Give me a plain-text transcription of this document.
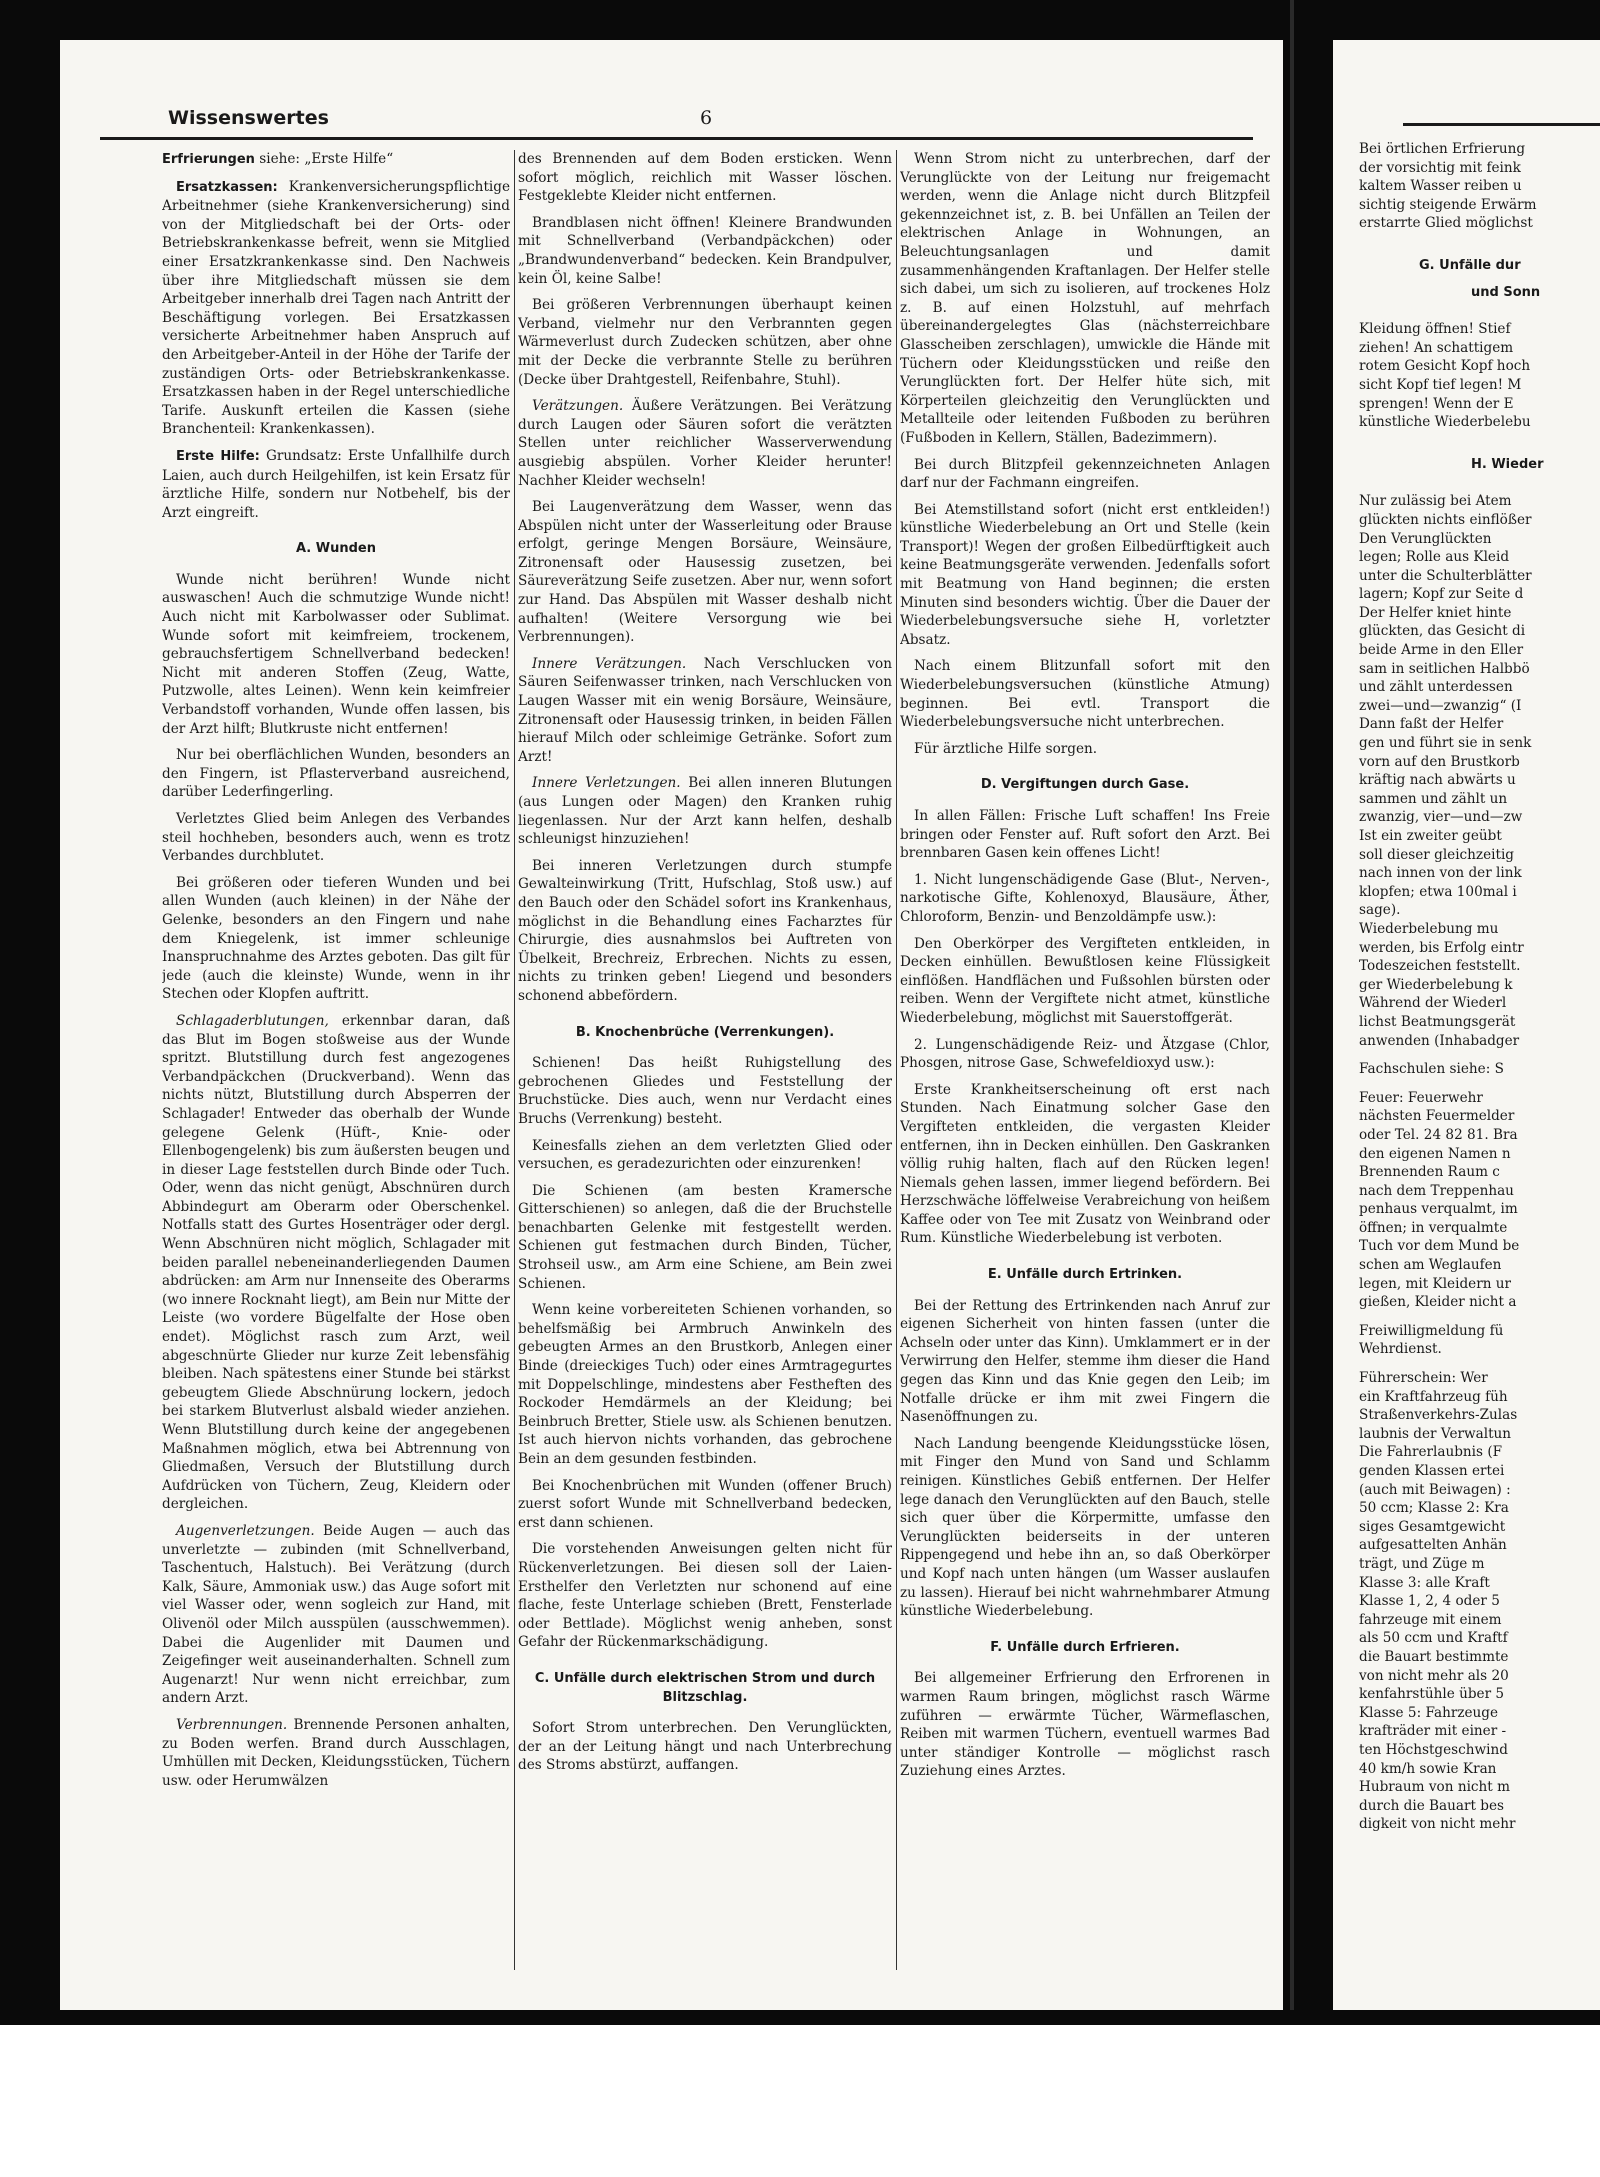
Bei örtlichen Erfrierung
der vorsichtig mit feink
kaltem Wasser reiben u
sichtig steigende Erwärm
erstarrte Glied möglichst
G. Unfälle dur
und Sonn
Kleidung öffnen! Stief
ziehen! An schattigem
rotem Gesicht Kopf hoch
sicht Kopf tief legen! M
sprengen! Wenn der E
künstliche Wiederbelebu
H. Wieder
Nur zulässig bei Atem
glückten nichts einflößer
Den Verunglückten
legen; Rolle aus Kleid
unter die Schulterblätter
lagern; Kopf zur Seite d
Der Helfer kniet hinte
glückten, das Gesicht di
beide Arme in den Eller
sam in seitlichen Halbbö
und zählt unterdessen
zwei—und—zwanzig“ (I
Dann faßt der Helfer
gen und führt sie in senk
vorn auf den Brustkorb
kräftig nach abwärts u
sammen und zählt un
zwanzig, vier—und—zw
Ist ein zweiter geübt
soll dieser gleichzeitig
nach innen von der link
klopfen; etwa 100mal i
sage).
Wiederbelebung mu
werden, bis Erfolg eintr
Todeszeichen feststellt.
ger Wiederbelebung k
Während der Wiederl
lichst Beatmungsgerät
anwenden (Inhabadger
Fachschulen siehe: S
Feuer: Feuerwehr
nächsten Feuermelder
oder Tel. 24 82 81. Bra
den eigenen Namen n
Brennenden Raum c
nach dem Treppenhau
penhaus verqualmt, im
öffnen; in verqualmte
Tuch vor dem Mund be
schen am Weglaufen
legen, mit Kleidern ur
gießen, Kleider nicht a
Freiwilligmeldung fü
Wehrdienst.
Führerschein: Wer
ein Kraftfahrzeug füh
Straßenverkehrs-Zulas
laubnis der Verwaltun
Die Fahrerlaubnis (F
genden Klassen ertei
(auch mit Beiwagen) :
50 ccm; Klasse 2: Kra
siges Gesamtgewicht
aufgesattelten Anhän
trägt, und Züge m
Klasse 3: alle Kraft
Klasse 1, 2, 4 oder 5
fahrzeuge mit einem
als 50 ccm und Kraftf
die Bauart bestimmte
von nicht mehr als 20
kenfahrstühle über 5
Klasse 5: Fahrzeuge
krafträder mit einer -
ten Höchstgeschwind
40 km/h sowie Kran
Hubraum von nicht m
durch die Bauart bes
digkeit von nicht mehr
Wissenswertes	6

Erfrierungen siehe: „Erste Hilfe“

Ersatzkassen: Krankenversicherungspflichtige Arbeitnehmer (siehe Krankenversicherung) sind von der Mitgliedschaft bei der Orts- oder Betriebskrankenkasse befreit, wenn sie Mitglied einer Ersatzkrankenkasse sind. Den Nachweis über ihre Mitgliedschaft müssen sie dem Arbeitgeber innerhalb drei Tagen nach Antritt der Beschäftigung vorlegen. Bei Ersatzkassen versicherte Arbeitnehmer haben Anspruch auf den Arbeitgeber-Anteil in der Höhe der Tarife der zuständigen Orts- oder Betriebskrankenkasse. Ersatzkassen haben in der Regel unterschiedliche Tarife. Auskunft erteilen die Kassen (siehe Branchenteil: Krankenkassen).

Erste Hilfe: Grundsatz: Erste Unfallhilfe durch Laien, auch durch Heilgehilfen, ist kein Ersatz für ärztliche Hilfe, sondern nur Notbehelf, bis der Arzt eingreift.

A. Wunden

Wunde nicht berühren! Wunde nicht auswaschen! Auch die schmutzige Wunde nicht! Auch nicht mit Karbolwasser oder Sublimat. Wunde sofort mit keimfreiem, trockenem, gebrauchsfertigem Schnellverband bedecken! Nicht mit anderen Stoffen (Zeug, Watte, Putzwolle, altes Leinen). Wenn kein keimfreier Verbandstoff vorhanden, Wunde offen lassen, bis der Arzt hilft; Blutkruste nicht entfernen!

Nur bei oberflächlichen Wunden, besonders an den Fingern, ist Pflasterverband ausreichend, darüber Lederfingerling.

Verletztes Glied beim Anlegen des Verbandes steil hochheben, besonders auch, wenn es trotz Verbandes durchblutet.

Bei größeren oder tieferen Wunden und bei allen Wunden (auch kleinen) in der Nähe der Gelenke, besonders an den Fingern und nahe dem Kniegelenk, ist immer schleunige Inanspruchnahme des Arztes geboten. Das gilt für jede (auch die kleinste) Wunde, wenn in ihr Stechen oder Klopfen auftritt.

Schlagaderblutungen, erkennbar daran, daß das Blut im Bogen stoßweise aus der Wunde spritzt. Blutstillung durch fest angezogenes Verbandpäckchen (Druckverband). Wenn das nichts nützt, Blutstillung durch Absperren der Schlagader! Entweder das oberhalb der Wunde gelegene Gelenk (Hüft-, Knie- oder Ellenbogengelenk) bis zum äußersten beugen und in dieser Lage feststellen durch Binde oder Tuch. Oder, wenn das nicht genügt, Abschnüren durch Abbindegurt am Oberarm oder Oberschenkel. Notfalls statt des Gurtes Hosenträger oder dergl. Wenn Abschnüren nicht möglich, Schlagader mit beiden parallel nebeneinanderliegenden Daumen abdrücken: am Arm nur Innenseite des Oberarms (wo innere Rocknaht liegt), am Bein nur Mitte der Leiste (wo vordere Bügelfalte der Hose oben endet). Möglichst rasch zum Arzt, weil abgeschnürte Glieder nur kurze Zeit lebensfähig bleiben. Nach spätestens einer Stunde bei stärkst gebeugtem Gliede Abschnürung lockern, jedoch bei starkem Blutverlust alsbald wieder anziehen. Wenn Blutstillung durch keine der angegebenen Maßnahmen möglich, etwa bei Abtrennung von Gliedmaßen, Versuch der Blutstillung durch Aufdrücken von Tüchern, Zeug, Kleidern oder dergleichen.

Augenverletzungen. Beide Augen — auch das unverletzte — zubinden (mit Schnellverband, Taschentuch, Halstuch). Bei Verätzung (durch Kalk, Säure, Ammoniak usw.) das Auge sofort mit viel Wasser oder, wenn sogleich zur Hand, mit Olivenöl oder Milch ausspülen (ausschwemmen). Dabei die Augenlider mit Daumen und Zeigefinger weit auseinanderhalten. Schnell zum Augenarzt! Nur wenn nicht erreichbar, zum andern Arzt.

Verbrennungen. Brennende Personen anhalten, zu Boden werfen. Brand durch Ausschlagen, Umhüllen mit Decken, Kleidungsstücken, Tüchern usw. oder Herumwälzen

des Brennenden auf dem Boden ersticken. Wenn sofort möglich, reichlich mit Wasser löschen. Festgeklebte Kleider nicht entfernen.

Brandblasen nicht öffnen! Kleinere Brandwunden mit Schnellverband (Verbandpäckchen) oder „Brandwundenverband“ bedecken. Kein Brandpulver, kein Öl, keine Salbe!

Bei größeren Verbrennungen überhaupt keinen Verband, vielmehr nur den Verbrannten gegen Wärmeverlust durch Zudecken schützen, aber ohne mit der Decke die verbrannte Stelle zu berühren (Decke über Drahtgestell, Reifenbahre, Stuhl).

Verätzungen. Äußere Verätzungen. Bei Verätzung durch Laugen oder Säuren sofort die verätzten Stellen unter reichlicher Wasserverwendung ausgiebig abspülen. Vorher Kleider herunter! Nachher Kleider wechseln!

Bei Laugenverätzung dem Wasser, wenn das Abspülen nicht unter der Wasserleitung oder Brause erfolgt, geringe Mengen Borsäure, Weinsäure, Zitronensaft oder Hausessig zusetzen, bei Säureverätzung Seife zusetzen. Aber nur, wenn sofort zur Hand. Das Abspülen mit Wasser deshalb nicht aufhalten! (Weitere Versorgung wie bei Verbrennungen).

Innere Verätzungen. Nach Verschlucken von Säuren Seifenwasser trinken, nach Verschlucken von Laugen Wasser mit ein wenig Borsäure, Weinsäure, Zitronensaft oder Hausessig trinken, in beiden Fällen hierauf Milch oder schleimige Getränke. Sofort zum Arzt!

Innere Verletzungen. Bei allen inneren Blutungen (aus Lungen oder Magen) den Kranken ruhig liegenlassen. Nur der Arzt kann helfen, deshalb schleunigst hinzuziehen!

Bei inneren Verletzungen durch stumpfe Gewalteinwirkung (Tritt, Hufschlag, Stoß usw.) auf den Bauch oder den Schädel sofort ins Krankenhaus, möglichst in die Behandlung eines Facharztes für Chirurgie, dies ausnahmslos bei Auftreten von Übelkeit, Brechreiz, Erbrechen. Nichts zu essen, nichts zu trinken geben! Liegend und besonders schonend abbefördern.

B. Knochenbrüche (Verrenkungen).

Schienen! Das heißt Ruhigstellung des gebrochenen Gliedes und Feststellung der Bruchstücke. Dies auch, wenn nur Verdacht eines Bruchs (Verrenkung) besteht.

Keinesfalls ziehen an dem verletzten Glied oder versuchen, es geradezurichten oder einzurenken!

Die Schienen (am besten Kramersche Gitterschienen) so anlegen, daß die der Bruchstelle benachbarten Gelenke mit festgestellt werden. Schienen gut festmachen durch Binden, Tücher, Strohseil usw., am Arm eine Schiene, am Bein zwei Schienen.

Wenn keine vorbereiteten Schienen vorhanden, so behelfsmäßig bei Armbruch Anwinkeln des gebeugten Armes an den Brustkorb, Anlegen einer Binde (dreieckiges Tuch) oder eines Armtragegurtes mit Doppelschlinge, mindestens aber Festheften des Rockoder Hemdärmels an der Kleidung; bei Beinbruch Bretter, Stiele usw. als Schienen benutzen. Ist auch hiervon nichts vorhanden, das gebrochene Bein an dem gesunden festbinden.

Bei Knochenbrüchen mit Wunden (offener Bruch) zuerst sofort Wunde mit Schnellverband bedecken, erst dann schienen.

Die vorstehenden Anweisungen gelten nicht für Rückenverletzungen. Bei diesen soll der Laien-Ersthelfer den Verletzten nur schonend auf eine flache, feste Unterlage schieben (Brett, Fensterlade oder Bettlade). Möglichst wenig anheben, sonst Gefahr der Rückenmarkschädigung.

C. Unfälle durch elektrischen Strom und durch Blitzschlag.

Sofort Strom unterbrechen. Den Verunglückten, der an der Leitung hängt und nach Unterbrechung des Stroms abstürzt, auffangen.

Wenn Strom nicht zu unterbrechen, darf der Verunglückte von der Leitung nur freigemacht werden, wenn die Anlage nicht durch Blitzpfeil gekennzeichnet ist, z. B. bei Unfällen an Teilen der elektrischen Anlage in Wohnungen, an Beleuchtungsanlagen und damit zusammenhängenden Kraftanlagen. Der Helfer stelle sich dabei, um sich zu isolieren, auf trockenes Holz z. B. auf einen Holzstuhl, auf mehrfach übereinandergelegtes Glas (nächsterreichbare Glasscheiben zerschlagen), umwickle die Hände mit Tüchern oder Kleidungsstücken und reiße den Verunglückten fort. Der Helfer hüte sich, mit Körperteilen gleichzeitig den Verunglückten und Metallteile oder leitenden Fußboden zu berühren (Fußboden in Kellern, Ställen, Badezimmern).

Bei durch Blitzpfeil gekennzeichneten Anlagen darf nur der Fachmann eingreifen.

Bei Atemstillstand sofort (nicht erst entkleiden!) künstliche Wiederbelebung an Ort und Stelle (kein Transport)! Wegen der großen Eilbedürftigkeit auch keine Beatmungsgeräte verwenden. Jedenfalls sofort mit Beatmung von Hand beginnen; die ersten Minuten sind besonders wichtig. Über die Dauer der Wiederbelebungsversuche siehe H, vorletzter Absatz.

Nach einem Blitzunfall sofort mit den Wiederbelebungsversuchen (künstliche Atmung) beginnen. Bei evtl. Transport die Wiederbelebungsversuche nicht unterbrechen.

Für ärztliche Hilfe sorgen.

D. Vergiftungen durch Gase.

In allen Fällen: Frische Luft schaffen! Ins Freie bringen oder Fenster auf. Ruft sofort den Arzt. Bei brennbaren Gasen kein offenes Licht!

1. Nicht lungenschädigende Gase (Blut-, Nerven-, narkotische Gifte, Kohlenoxyd, Blausäure, Äther, Chloroform, Benzin- und Benzoldämpfe usw.):

Den Oberkörper des Vergifteten entkleiden, in Decken einhüllen. Bewußtlosen keine Flüssigkeit einflößen. Handflächen und Fußsohlen bürsten oder reiben. Wenn der Vergiftete nicht atmet, künstliche Wiederbelebung, möglichst mit Sauerstoffgerät.

2. Lungenschädigende Reiz- und Ätzgase (Chlor, Phosgen, nitrose Gase, Schwefeldioxyd usw.):

Erste Krankheitserscheinung oft erst nach Stunden. Nach Einatmung solcher Gase den Vergifteten entkleiden, die vergasten Kleider entfernen, ihn in Decken einhüllen. Den Gaskranken völlig ruhig halten, flach auf den Rücken legen! Niemals gehen lassen, immer liegend befördern. Bei Herzschwäche löffelweise Verabreichung von heißem Kaffee oder von Tee mit Zusatz von Weinbrand oder Rum. Künstliche Wiederbelebung ist verboten.

E. Unfälle durch Ertrinken.

Bei der Rettung des Ertrinkenden nach Anruf zur eigenen Sicherheit von hinten fassen (unter die Achseln oder unter das Kinn). Umklammert er in der Verwirrung den Helfer, stemme ihm dieser die Hand gegen das Kinn und das Knie gegen den Leib; im Notfalle drücke er ihm mit zwei Fingern die Nasenöffnungen zu.

Nach Landung beengende Kleidungsstücke lösen, mit Finger den Mund von Sand und Schlamm reinigen. Künstliches Gebiß entfernen. Der Helfer lege danach den Verunglückten auf den Bauch, stelle sich quer über die Körpermitte, umfasse den Verunglückten beiderseits in der unteren Rippengegend und hebe ihn an, so daß Oberkörper und Kopf nach unten hängen (um Wasser auslaufen zu lassen). Hierauf bei nicht wahrnehmbarer Atmung künstliche Wiederbelebung.

F. Unfälle durch Erfrieren.

Bei allgemeiner Erfrierung den Erfrorenen in warmen Raum bringen, möglichst rasch Wärme zuführen — erwärmte Tücher, Wärmeflaschen, Reiben mit warmen Tüchern, eventuell warmes Bad unter ständiger Kontrolle — möglichst rasch Zuziehung eines Arztes.
